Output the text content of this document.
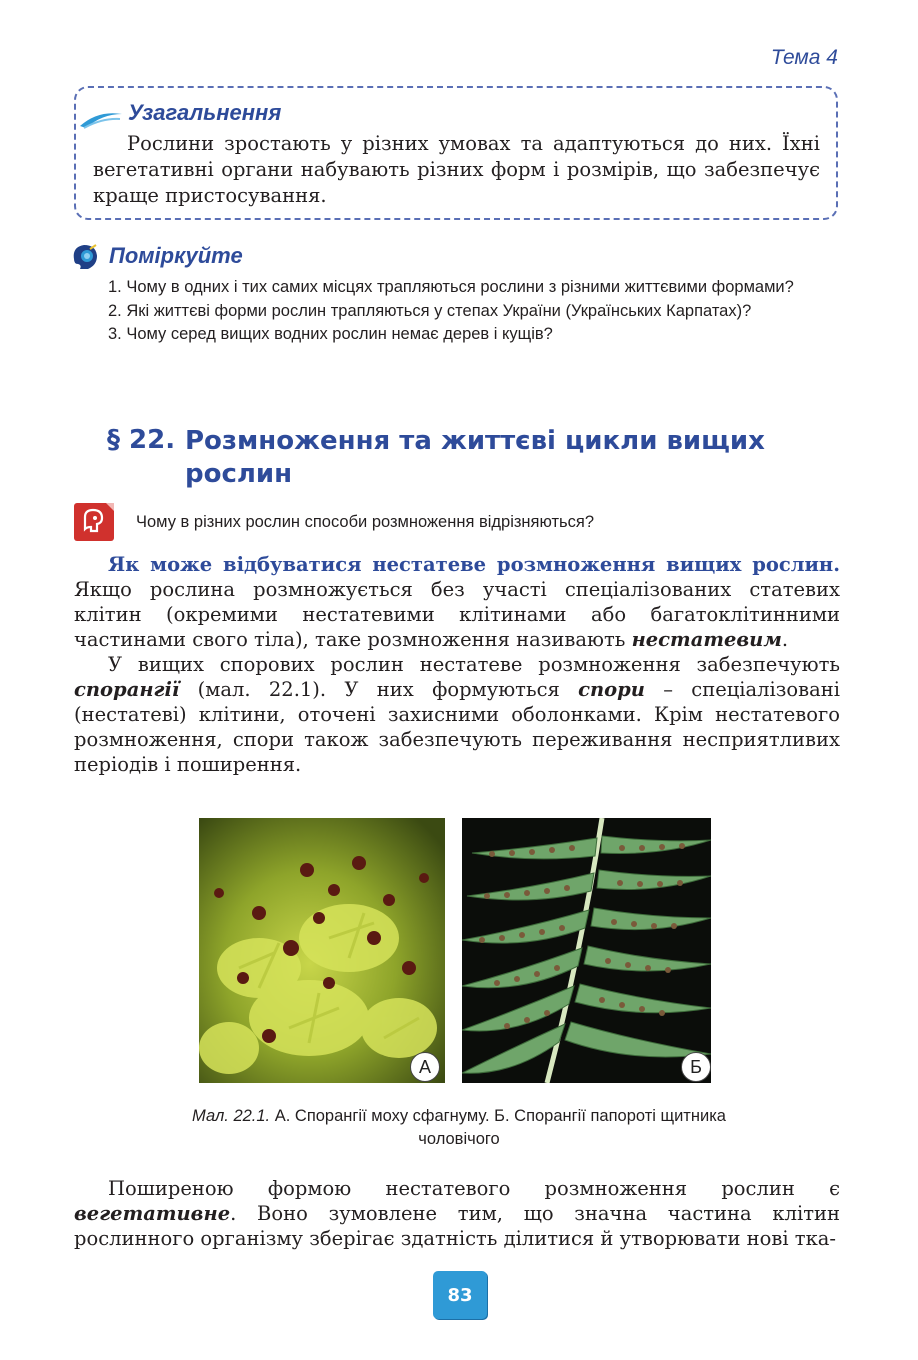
Тема 4
Узагальнення
Рослини зростають у різних умовах та адаптуються до них. Їхні вегетативні органи набувають різних форм і розмірів, що забезпечує краще пристосування.
Поміркуйте

1. Чому в одних і тих самих місцях трапляються рослини з різними життєвими формами?

2. Які життєві форми рослин трапляються у степах України (Українських Карпатах)?

3. Чому серед вищих водних рослин немає дерев і кущів?

§ 22. Розмноження та життєві цикли вищих рослин
Чому в різних рослин способи розмноження відрізняються?

Як може відбуватися нестатеве розмноження вищих рослин. Якщо рослина розмножується без участі спеціалізованих статевих клітин (окремими нестатевими клітинами або багатоклітинними частинами свого тіла), таке розмноження називають нестатевим.

У вищих спорових рослин нестатеве розмноження забезпечують спорангії (мал. 22.1). У них формуються спори – спеціалізовані (нестатеві) клітини, оточені захисними оболонками. Крім нестатевого розмноження, спори також забезпечують переживання несприятливих періодів і поширення.

А	Б
Мал. 22.1. А. Спорангії моху сфагнуму. Б. Спорангії папороті щитника чоловічого

Поширеною формою нестатевого розмноження рослин є вегетативне. Воно зумовлене тим, що значна частина клітин рослинного організму зберігає здатність ділитися й утворювати нові тка-

83
